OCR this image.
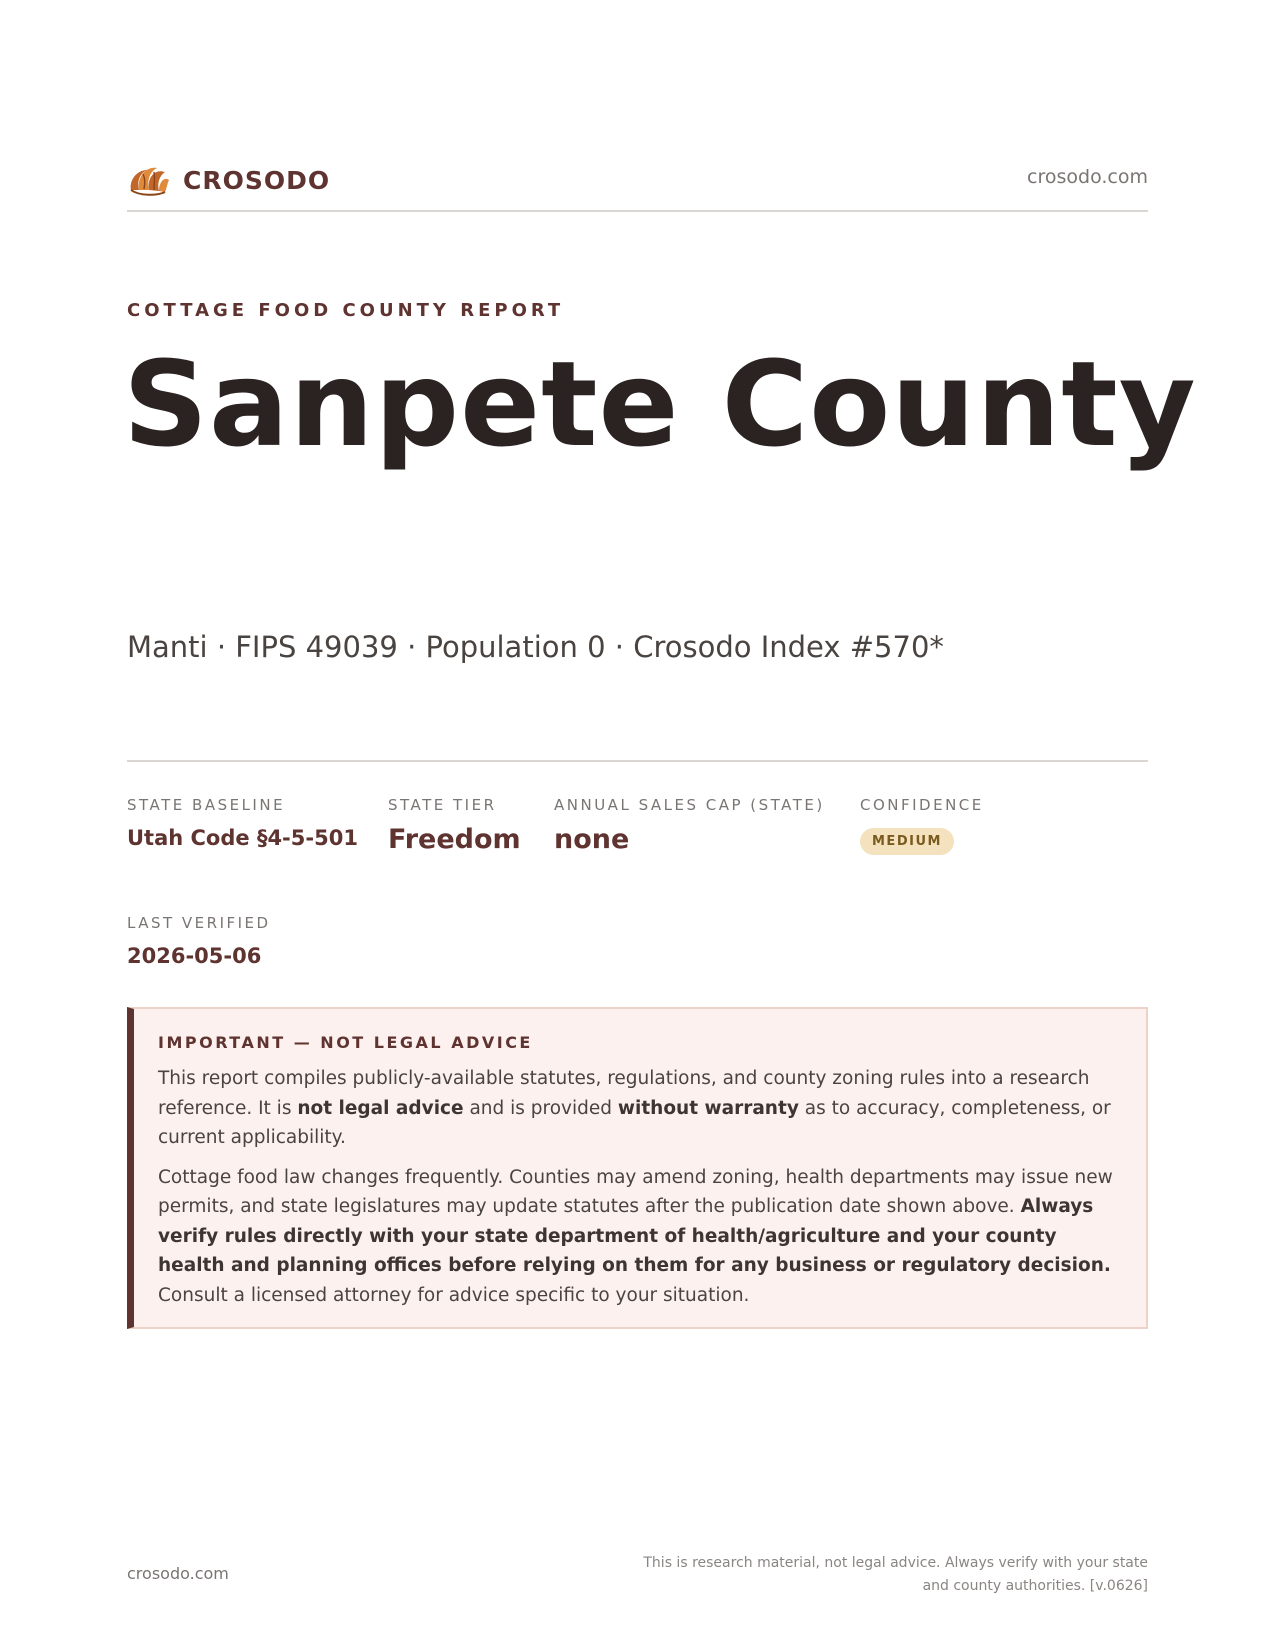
CROSODO	crosodo.com
COTTAGE FOOD COUNTY REPORT
Sanpete County
Manti · FIPS 49039 · Population 0 · Crosodo Index #570*
STATE BASELINE
Utah Code §4-5-501
STATE TIER
Freedom
ANNUAL SALES CAP (STATE)
none
CONFIDENCE
MEDIUM
LAST VERIFIED
2026-05-06
IMPORTANT — NOT LEGAL ADVICE

This report compiles publicly-available statutes, regulations, and county zoning rules into a research reference. It is not legal advice and is provided without warranty as to accuracy, completeness, or current applicability.

Cottage food law changes frequently. Counties may amend zoning, health departments may issue new permits, and state legislatures may update statutes after the publication date shown above. Always verify rules directly with your state department of health/agriculture and your county health and planning offices before relying on them for any business or regulatory decision. Consult a licensed attorney for advice specific to your situation.

crosodo.com
This is research material, not legal advice. Always verify with your state
and county authorities. [v.0626]
